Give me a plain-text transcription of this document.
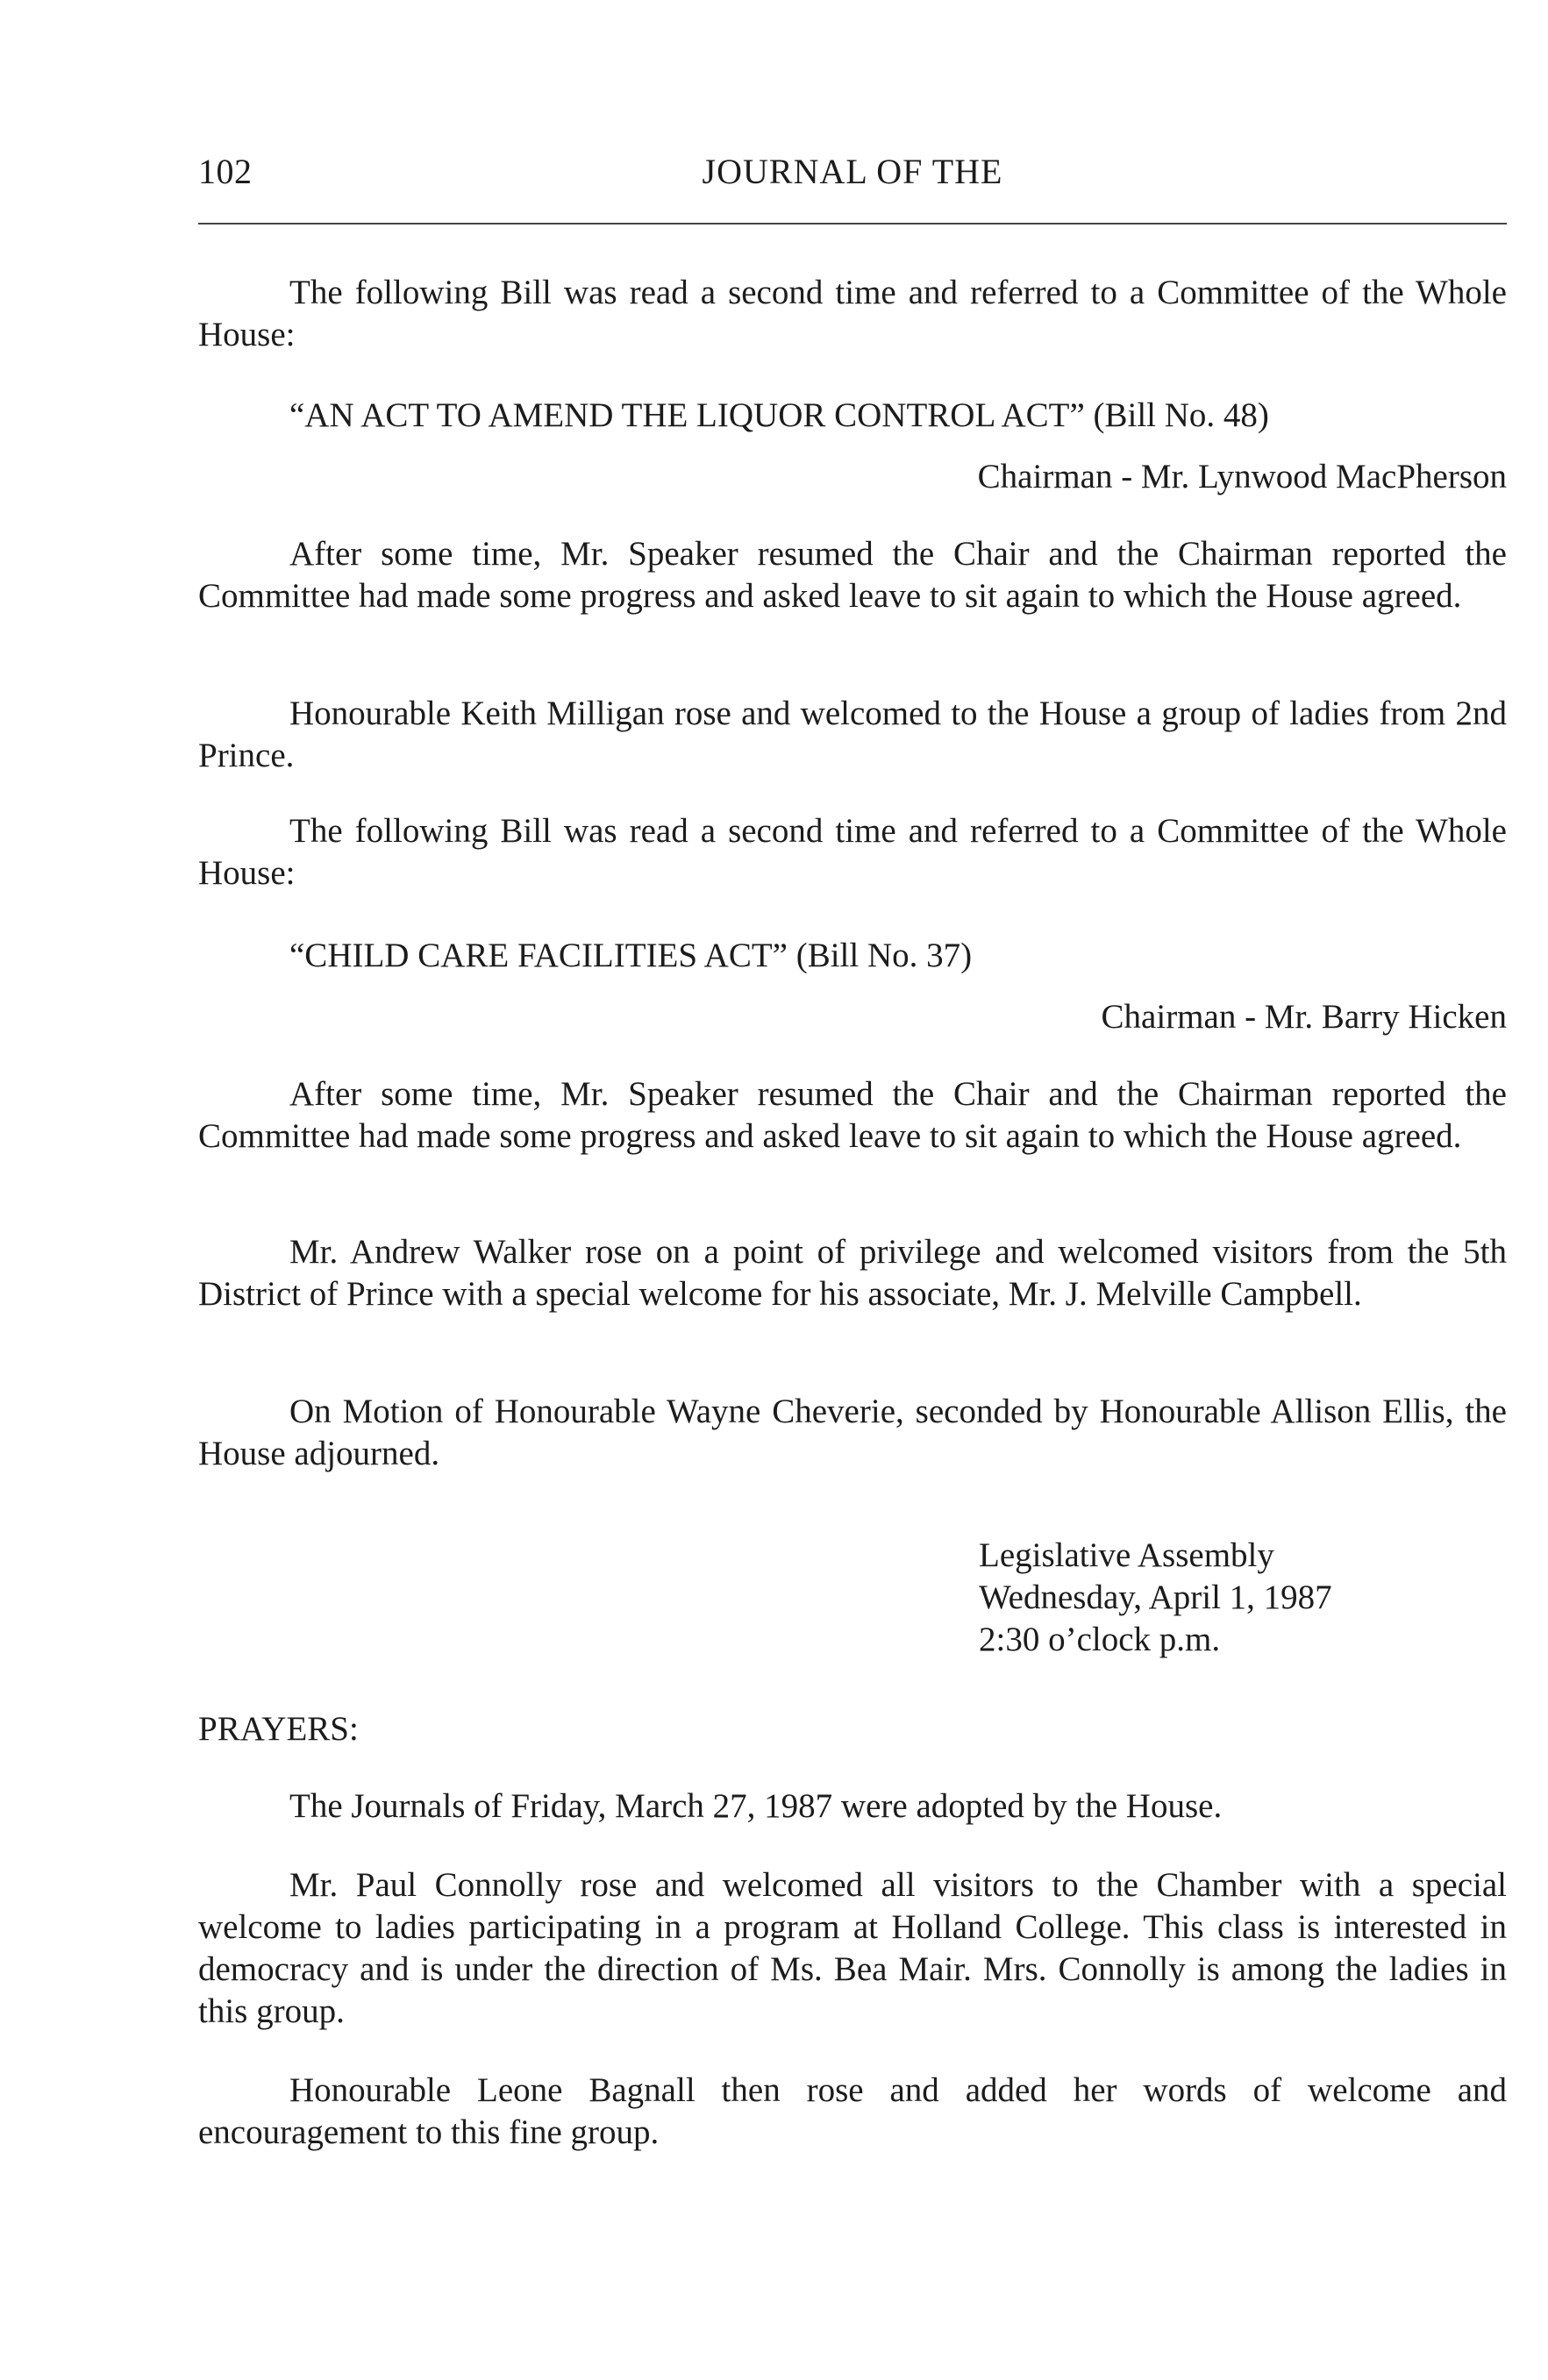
102	JOURNAL OF THE

The following Bill was read a second time and referred to a Committee of the Whole House:

“AN ACT TO AMEND THE LIQUOR CONTROL ACT” (Bill No. 48)

Chairman - Mr. Lynwood MacPherson

After some time, Mr. Speaker resumed the Chair and the Chairman reported the Committee had made some progress and asked leave to sit again to which the House agreed.

Honourable Keith Milligan rose and welcomed to the House a group of ladies from 2nd Prince.

The following Bill was read a second time and referred to a Committee of the Whole House:

“CHILD CARE FACILITIES ACT” (Bill No. 37)

Chairman - Mr. Barry Hicken

After some time, Mr. Speaker resumed the Chair and the Chairman reported the Committee had made some progress and asked leave to sit again to which the House agreed.

Mr. Andrew Walker rose on a point of privilege and welcomed visitors from the 5th District of Prince with a special welcome for his associate, Mr. J. Melville Campbell.

On Motion of Honourable Wayne Cheverie, seconded by Honourable Allison Ellis, the House adjourned.

Legislative Assembly
Wednesday, April 1, 1987
2:30 o’clock p.m.

PRAYERS:

The Journals of Friday, March 27, 1987 were adopted by the House.

Mr. Paul Connolly rose and welcomed all visitors to the Chamber with a special welcome to ladies participating in a program at Holland College. This class is interested in democracy and is under the direction of Ms. Bea Mair. Mrs. Connolly is among the ladies in this group.

Honourable Leone Bagnall then rose and added her words of welcome and encouragement to this fine group.
